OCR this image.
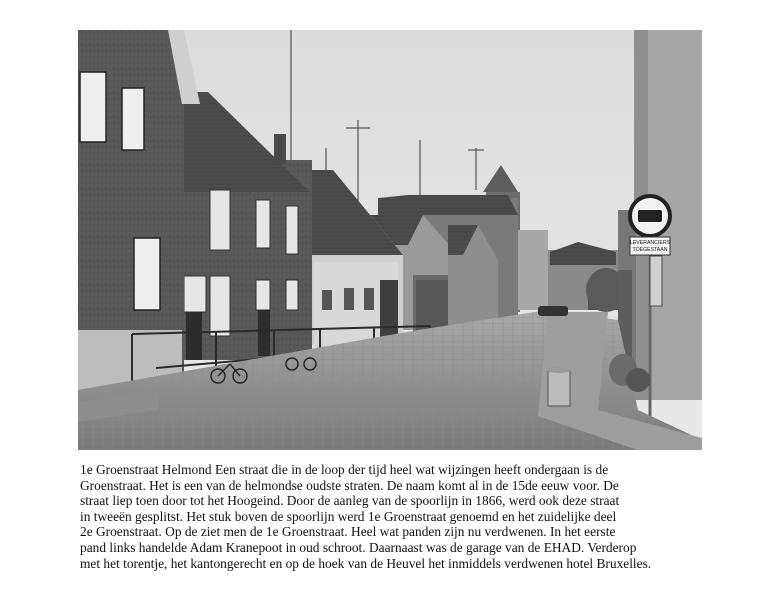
LEVERANCIERS
TOEGESTAAN

1e Groenstraat Helmond Een straat die in de loop der tijd heel wat wijzingen heeft ondergaan is de
Groenstraat. Het is een van de helmondse oudste straten. De naam komt al in de 15de eeuw voor. De
straat liep toen door tot het Hoogeind. Door de aanleg van de spoorlijn in 1866, werd ook deze straat
in tweeën gesplitst. Het stuk boven de spoorlijn werd 1e Groenstraat genoemd en het zuidelijke deel
2e Groenstraat. Op de ziet men de 1e Groenstraat. Heel wat panden zijn nu verdwenen. In het eerste
pand links handelde Adam Kranepoot in oud schroot. Daarnaast was de garage van de EHAD. Verderop
met het torentje, het kantongerecht en op de hoek van de Heuvel het inmiddels verdwenen hotel Bruxelles.
